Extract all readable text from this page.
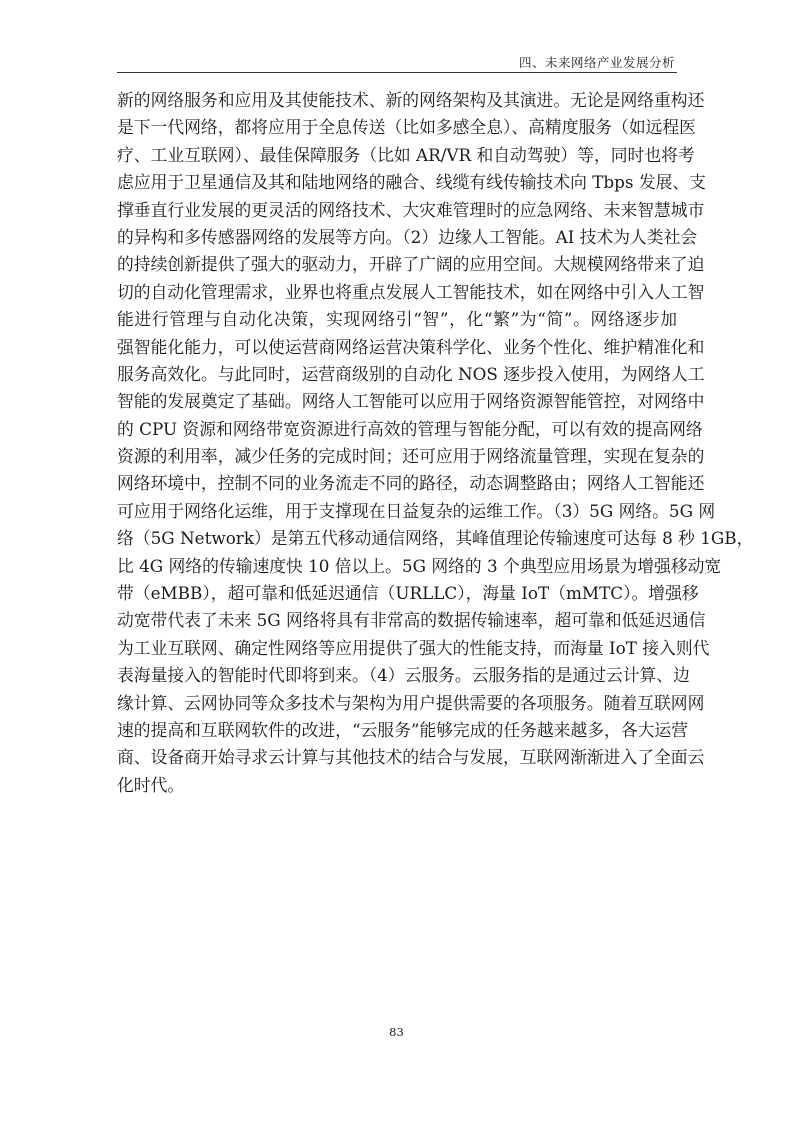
四、未来网络产业发展分析
新的网络服务和应用及其使能技术、新的网络架构及其演进。无论是网络重构还
是下一代网络，都将应用于全息传送（比如多感全息）、高精度服务（如远程医
疗、工业互联网）、最佳保障服务（比如 AR/VR 和自动驾驶）等，同时也将考
虑应用于卫星通信及其和陆地网络的融合、线缆有线传输技术向 Tbps 发展、支
撑垂直行业发展的更灵活的网络技术、大灾难管理时的应急网络、未来智慧城市
的异构和多传感器网络的发展等方向。（2）边缘人工智能。AI 技术为人类社会
的持续创新提供了强大的驱动力，开辟了广阔的应用空间。大规模网络带来了迫
切的自动化管理需求，业界也将重点发展人工智能技术，如在网络中引入人工智
能进行管理与自动化决策，实现网络引“智”，化“繁”为“简”。网络逐步加
强智能化能力，可以使运营商网络运营决策科学化、业务个性化、维护精准化和
服务高效化。与此同时，运营商级别的自动化 NOS 逐步投入使用，为网络人工
智能的发展奠定了基础。网络人工智能可以应用于网络资源智能管控，对网络中
的 CPU 资源和网络带宽资源进行高效的管理与智能分配，可以有效的提高网络
资源的利用率，减少任务的完成时间；还可应用于网络流量管理，实现在复杂的
网络环境中，控制不同的业务流走不同的路径，动态调整路由；网络人工智能还
可应用于网络化运维，用于支撑现在日益复杂的运维工作。（3）5G 网络。5G 网
络（5G Network）是第五代移动通信网络，其峰值理论传输速度可达每 8 秒 1GB，
比 4G 网络的传输速度快 10 倍以上。5G 网络的 3 个典型应用场景为增强移动宽
带（eMBB），超可靠和低延迟通信（URLLC），海量 IoT（mMTC）。增强移
动宽带代表了未来 5G 网络将具有非常高的数据传输速率，超可靠和低延迟通信
为工业互联网、确定性网络等应用提供了强大的性能支持，而海量 IoT 接入则代
表海量接入的智能时代即将到来。（4）云服务。云服务指的是通过云计算、边
缘计算、云网协同等众多技术与架构为用户提供需要的各项服务。随着互联网网
速的提高和互联网软件的改进，“云服务”能够完成的任务越来越多，各大运营
商、设备商开始寻求云计算与其他技术的结合与发展，互联网渐渐进入了全面云
化时代。
83
